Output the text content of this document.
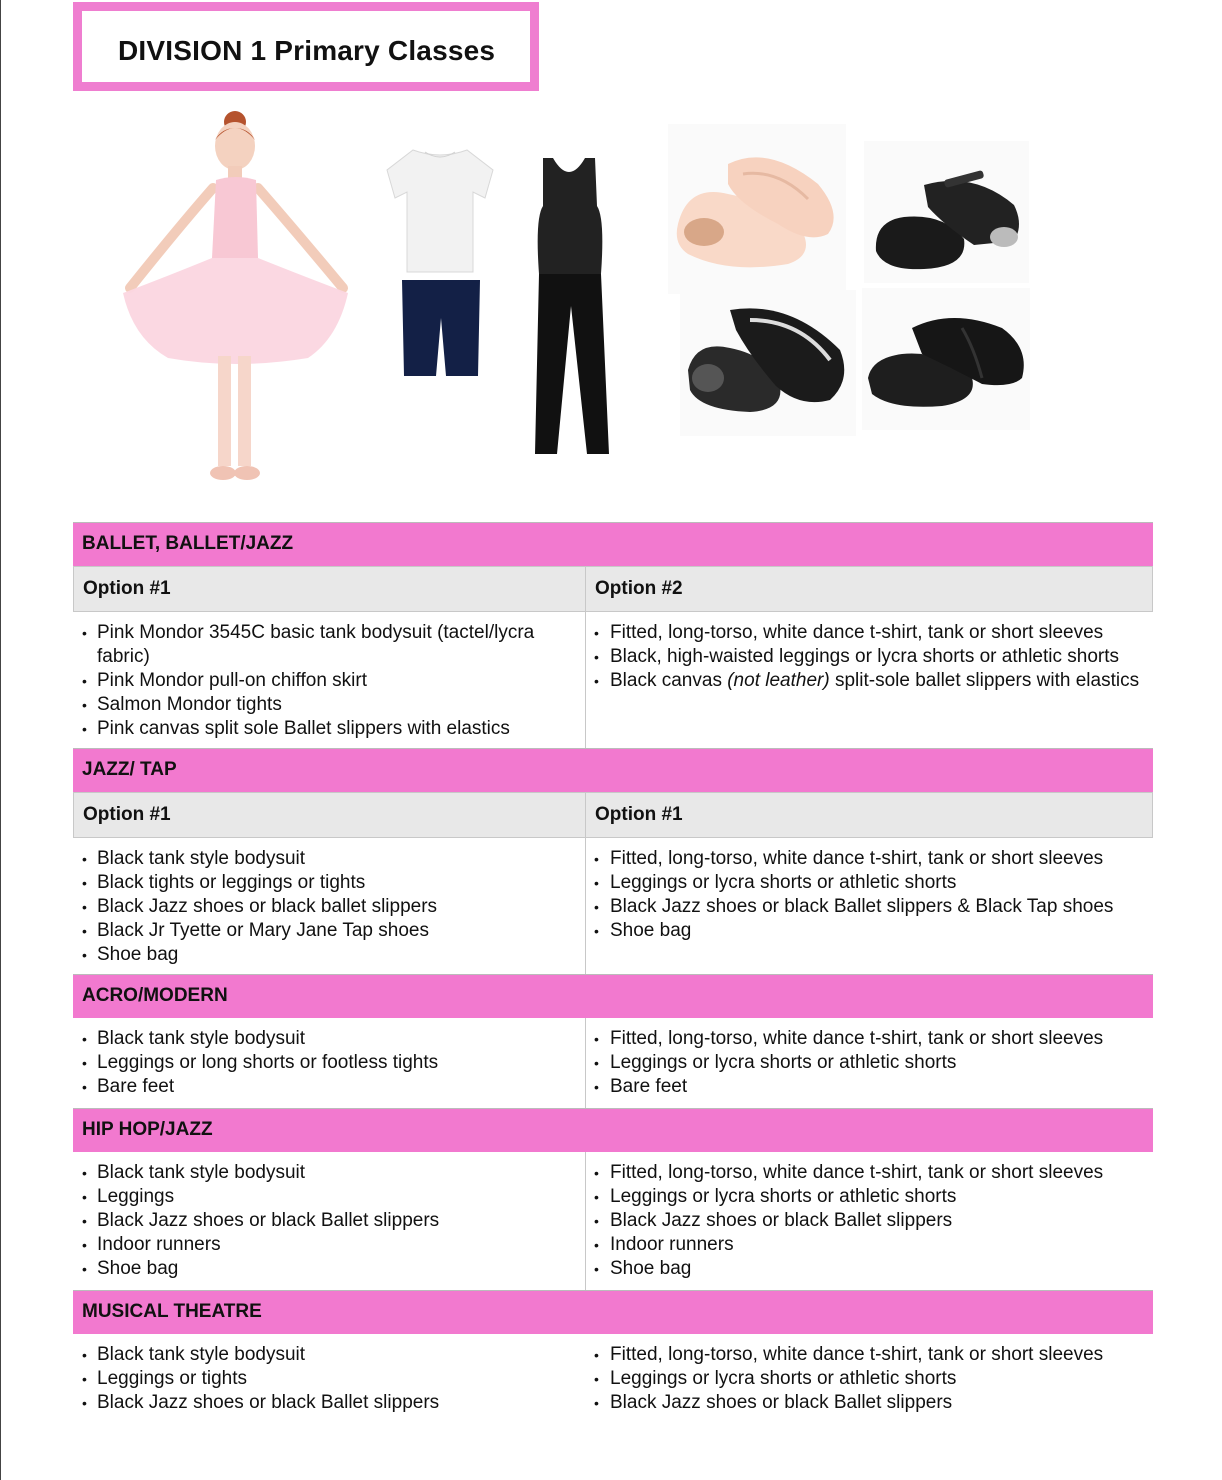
DIVISION 1 Primary Classes
BALLET, BALLET/JAZZ
Option #1	Option #2
• Pink Mondor 3545C basic tank bodysuit (tactel/lycra fabric)
• Pink Mondor pull-on chiffon skirt
• Salmon Mondor tights
• Pink canvas split sole Ballet slippers with elastics
• Fitted, long-torso, white dance t-shirt, tank or short sleeves
• Black, high-waisted leggings or lycra shorts or athletic shorts
• Black canvas (not leather) split-sole ballet slippers with elastics
JAZZ/ TAP
Option #1	Option #1
• Black tank style bodysuit
• Black tights or leggings or tights
• Black Jazz shoes or black ballet slippers
• Black Jr Tyette or Mary Jane Tap shoes
• Shoe bag
• Fitted, long-torso, white dance t-shirt, tank or short sleeves
• Leggings or lycra shorts or athletic shorts
• Black Jazz shoes or black Ballet slippers & Black Tap shoes
• Shoe bag
ACRO/MODERN
• Black tank style bodysuit
• Leggings or long shorts or footless tights
• Bare feet
• Fitted, long-torso, white dance t-shirt, tank or short sleeves
• Leggings or lycra shorts or athletic shorts
• Bare feet
HIP HOP/JAZZ
• Black tank style bodysuit
• Leggings
• Black Jazz shoes or black Ballet slippers
• Indoor runners
• Shoe bag
• Fitted, long-torso, white dance t-shirt, tank or short sleeves
• Leggings or lycra shorts or athletic shorts
• Black Jazz shoes or black Ballet slippers
• Indoor runners
• Shoe bag
MUSICAL THEATRE
• Black tank style bodysuit
• Leggings or tights
• Black Jazz shoes or black Ballet slippers
• Fitted, long-torso, white dance t-shirt, tank or short sleeves
• Leggings or lycra shorts or athletic shorts
• Black Jazz shoes or black Ballet slippers
